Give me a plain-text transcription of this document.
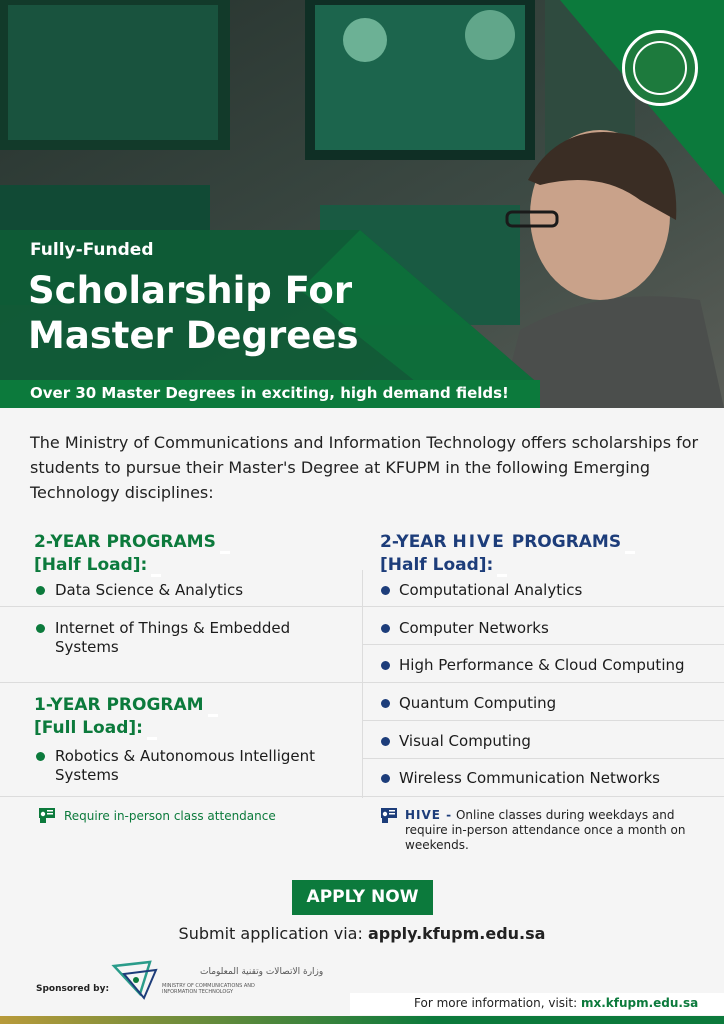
Fully-Funded
Scholarship For Master Degrees
Over 30 Master Degrees in exciting, high demand fields!
The Ministry of Communications and Information Technology offers scholarships for students to pursue their Master's Degree at KFUPM in the following Emerging Technology disciplines:
2-YEAR PROGRAMS
[Half Load]:
Data Science & Analytics
Internet of Things & Embedded Systems
1-YEAR PROGRAM
[Full Load]:
Robotics & Autonomous Intelligent Systems
Require in-person class attendance
2-YEAR HIVE PROGRAMS
[Half Load]:
Computational Analytics
Computer Networks
High Performance & Cloud Computing
Quantum Computing
Visual Computing
Wireless Communication Networks
HIVE - Online classes during weekdays and require in-person attendance once a month on weekends.
APPLY NOW
Submit application via: apply.kfupm.edu.sa
Sponsored by:
وزارة الاتصالات وتقنية المعلومات
MINISTRY OF COMMUNICATIONS AND INFORMATION TECHNOLOGY
For more information, visit: mx.kfupm.edu.sa
